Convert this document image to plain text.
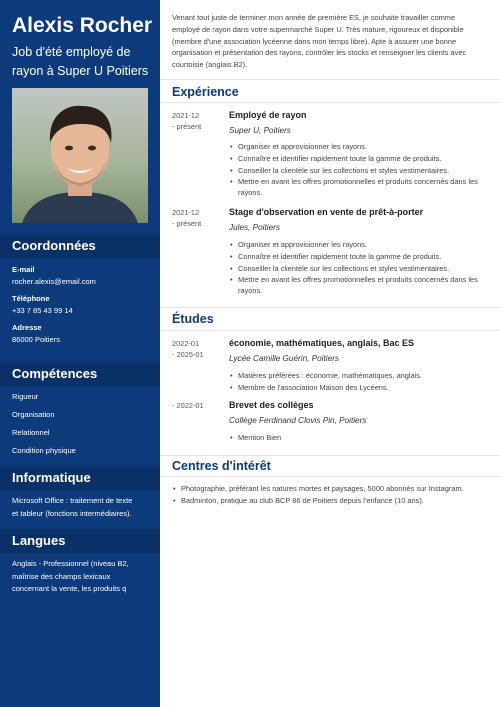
Alexis Rocher
Job d'été employé de
rayon à Super U Poitiers
Coordonnées
E-mail
rocher.alexis@email.com
Téléphone
+33 7 85 43 99 14
Adresse
86000 Poitiers
Compétences
Rigueur
Organisation
Relationnel
Condition physique
Informatique
Microsoft Office : traitement de texte
et tableur (fonctions intermédiaires).
Langues
Anglais - Professionnel (niveau B2,
maîtrise des champs lexicaux
concernant la vente, les produits q
Venant tout juste de terminer mon année de première ES, je souhaite travailler comme
employé de rayon dans votre supermarché Super U. Très mature, rigoureux et disponible
(membre d'une association lycéenne dans mon temps libre). Apte à assurer une bonne
organisation et présentation des rayons, contrôler les stocks et renseigner les clients avec
courtoisie (anglais B2).
Expérience
2021-12
- présent
Employé de rayon
Super U, Poitiers
• Organiser et approvisionner les rayons.
• Connaître et identifier rapidement toute la gamme de produits.
• Conseiller la clientèle sur les collections et styles vestimentaires.
• Mettre en avant les offres promotionnelles et produits concernés dans les
rayons.
2021-12
- présent
Stage d'observation en vente de prêt-à-porter
Jules, Poitiers
• Organiser et approvisionner les rayons.
• Connaître et identifier rapidement toute la gamme de produits.
• Conseiller la clientèle sur les collections et styles vestimentaires.
• Mettre en avant les offres promotionnelles et produits concernés dans les
rayons.
Études
2022-01
- 2025-01
économie, mathématiques, anglais, Bac ES
Lycée Camille Guérin, Poitiers
• Matières préférées : économie, mathématiques, anglais.
• Membre de l'association Maison des Lycéens.
- 2022-01	Brevet des collèges
Collège Ferdinand Clovis Pin, Poitiers
• Mention Bien
Centres d'intérêt
• Photographie, préférant les natures mortes et paysages, 5000 abonnés sur Instagram.
• Badminton, pratique au club BCP 86 de Poitiers depuis l'enfance (10 ans).
